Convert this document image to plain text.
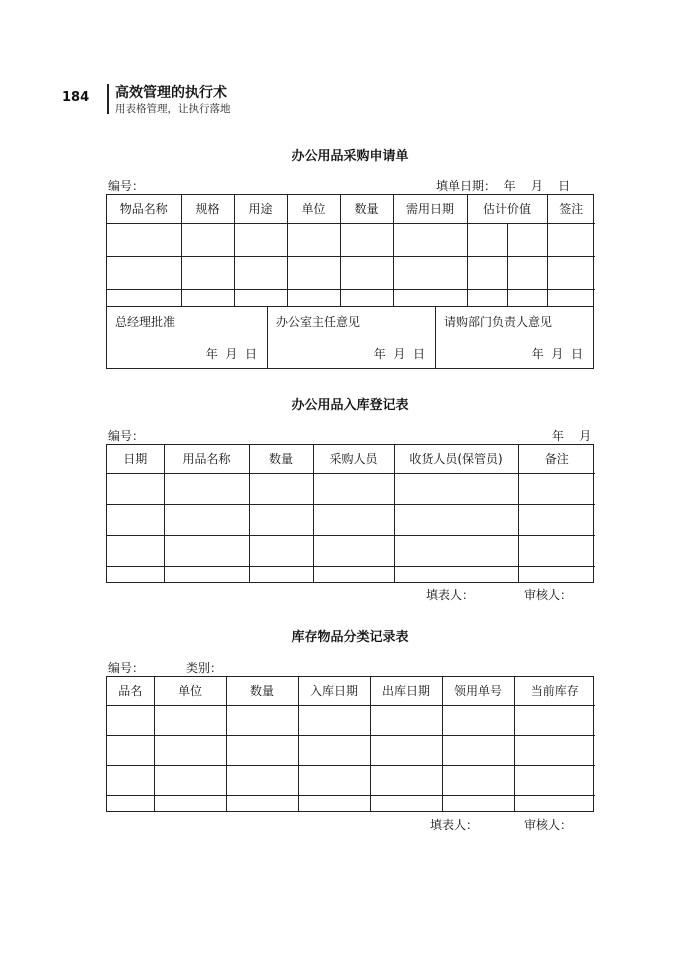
184 高效管理的执行术
用表格管理，让执行落地
办公用品采购申请单
编号：	填单日期：  年    月    日
物品名称	规格	用途	单位	数量	需用日期	估计价值		签注

总经理批准
年  月  日
办公室主任意见
年  月  日
请购部门负责人意见
年  月  日
办公用品入库登记表
编号：	年    月
日期	用品名称	数量	采购人员	收货人员(保管员)	备注

填表人：	审核人：
库存物品分类记录表
编号：	类别：
品名	单位	数量	入库日期	出库日期	领用单号	当前库存

填表人：	审核人：
